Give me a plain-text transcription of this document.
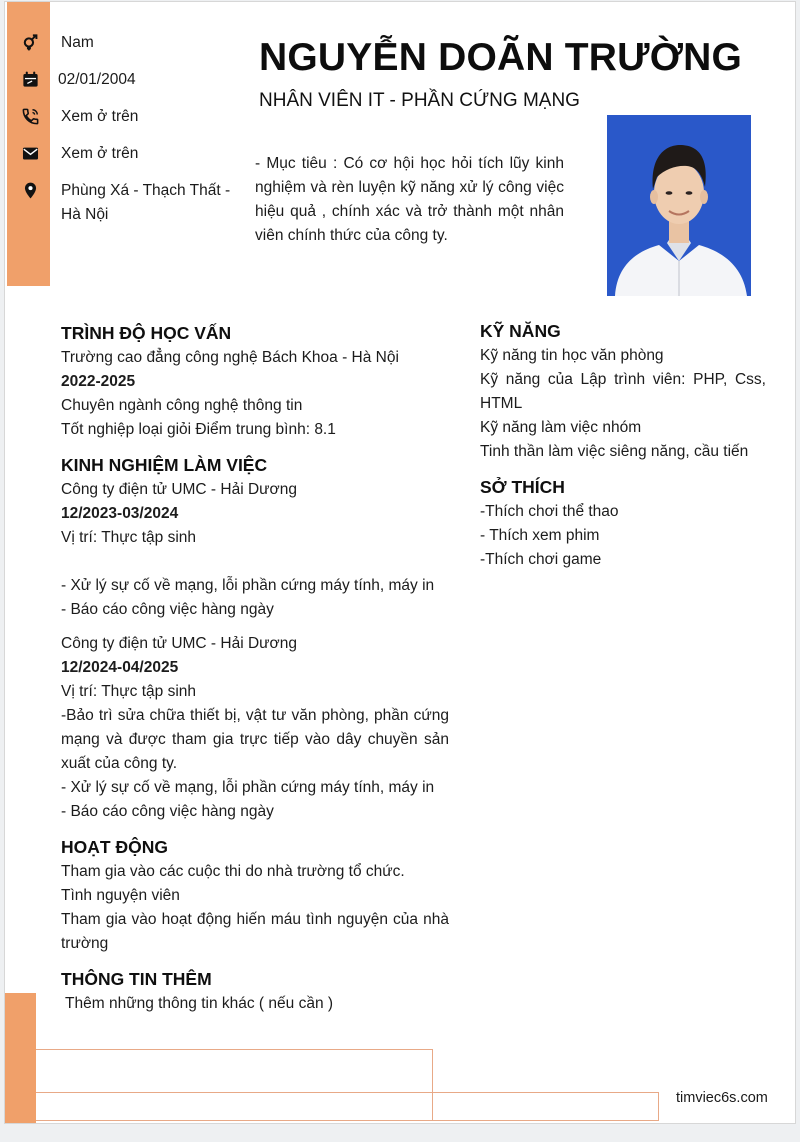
Nam
02/01/2004
Xem ở trên
Xem ở trên
Phùng Xá - Thạch Thất - Hà Nội
NGUYỄN DOÃN TRƯỜNG
NHÂN VIÊN IT - PHẦN CỨNG MẠNG
- Mục tiêu : Có cơ hội học hỏi tích lũy kinh nghiệm và rèn luyện kỹ năng xử lý công việc hiệu quả , chính xác và trở thành một nhân viên chính thức của công ty.
TRÌNH ĐỘ HỌC VẤN
Trường cao đẳng công nghệ Bách Khoa - Hà Nội
2022-2025
Chuyên ngành công nghệ thông tin
Tốt nghiệp loại giỏi Điểm trung bình: 8.1
KINH NGHIỆM LÀM VIỆC
Công ty điện tử UMC - Hải Dương
12/2023-03/2024
Vị trí: Thực tập sinh
- Xử lý sự cố về mạng, lỗi phần cứng máy tính, máy in
- Báo cáo công việc hàng ngày
Công ty điện tử UMC - Hải Dương
12/2024-04/2025
Vị trí: Thực tập sinh
-Bảo trì sửa chữa thiết bị, vật tư văn phòng, phần cứng mạng và được tham gia trực tiếp vào dây chuyền sản xuất của công ty.
- Xử lý sự cố về mạng, lỗi phần cứng máy tính, máy in
- Báo cáo công việc hàng ngày
HOẠT ĐỘNG
Tham gia vào các cuộc thi do nhà trường tổ chức.
Tình nguyện viên
Tham gia vào hoạt động hiến máu tình nguyện của nhà trường
THÔNG TIN THÊM
Thêm những thông tin khác ( nếu cần )
KỸ NĂNG
Kỹ năng tin học văn phòng
Kỹ năng của Lập trình viên: PHP, Css, HTML
Kỹ năng làm việc nhóm
Tinh thần làm việc siêng năng, cầu tiến
SỞ THÍCH
-Thích chơi thể thao
- Thích xem phim
-Thích chơi game
timviec6s.com
